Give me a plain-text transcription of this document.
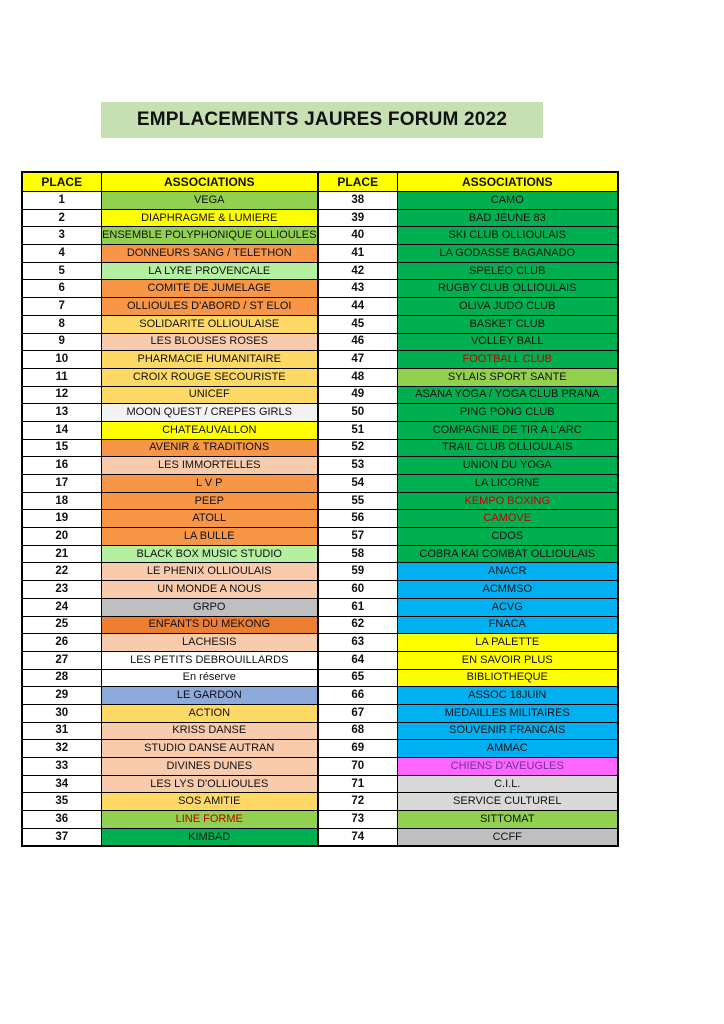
EMPLACEMENTS JAURES FORUM 2022
PLACE	ASSOCIATIONS	PLACE	ASSOCIATIONS
1	VEGA	38	CAMO
2	DIAPHRAGME & LUMIERE	39	BAD JEUNE 83
3	ENSEMBLE POLYPHONIQUE OLLIOULES	40	SKI CLUB OLLIOULAIS
4	DONNEURS SANG / TELETHON	41	LA GODASSE BAGANADO
5	LA LYRE PROVENCALE	42	SPELEO CLUB
6	COMITE DE JUMELAGE	43	RUGBY CLUB OLLIOULAIS
7	OLLIOULES D'ABORD / ST ELOI	44	OLIVA JUDO CLUB
8	SOLIDARITE OLLIOULAISE	45	BASKET CLUB
9	LES BLOUSES ROSES	46	VOLLEY BALL
10	PHARMACIE HUMANITAIRE	47	FOOTBALL CLUB
11	CROIX ROUGE SECOURISTE	48	SYLAIS SPORT SANTE
12	UNICEF	49	ASANA YOGA / YOGA CLUB PRANA
13	MOON QUEST / CREPES GIRLS	50	PING PONG CLUB
14	CHATEAUVALLON	51	COMPAGNIE DE TIR A L'ARC
15	AVENIR & TRADITIONS	52	TRAIL CLUB OLLIOULAIS
16	LES IMMORTELLES	53	UNION DU YOGA
17	L V P	54	LA LICORNE
18	PEEP	55	KEMPO BOXING
19	ATOLL	56	CAMOVE
20	LA BULLE	57	CDOS
21	BLACK BOX MUSIC STUDIO	58	COBRA KAI COMBAT OLLIOULAIS
22	LE PHENIX OLLIOULAIS	59	ANACR
23	UN MONDE A NOUS	60	ACMMSO
24	GRPO	61	ACVG
25	ENFANTS DU MEKONG	62	FNACA
26	LACHESIS	63	LA PALETTE
27	LES PETITS DEBROUILLARDS	64	EN SAVOIR PLUS
28	En réserve	65	BIBLIOTHEQUE
29	LE GARDON	66	ASSOC 18JUIN
30	ACTION	67	MEDAILLES MILITAIRES
31	KRISS DANSE	68	SOUVENIR FRANCAIS
32	STUDIO DANSE AUTRAN	69	AMMAC
33	DIVINES DUNES	70	CHIENS D'AVEUGLES
34	LES LYS D'OLLIOULES	71	C.I.L.
35	SOS AMITIE	72	SERVICE CULTUREL
36	LINE FORME	73	SITTOMAT
37	KIMBAD	74	CCFF
